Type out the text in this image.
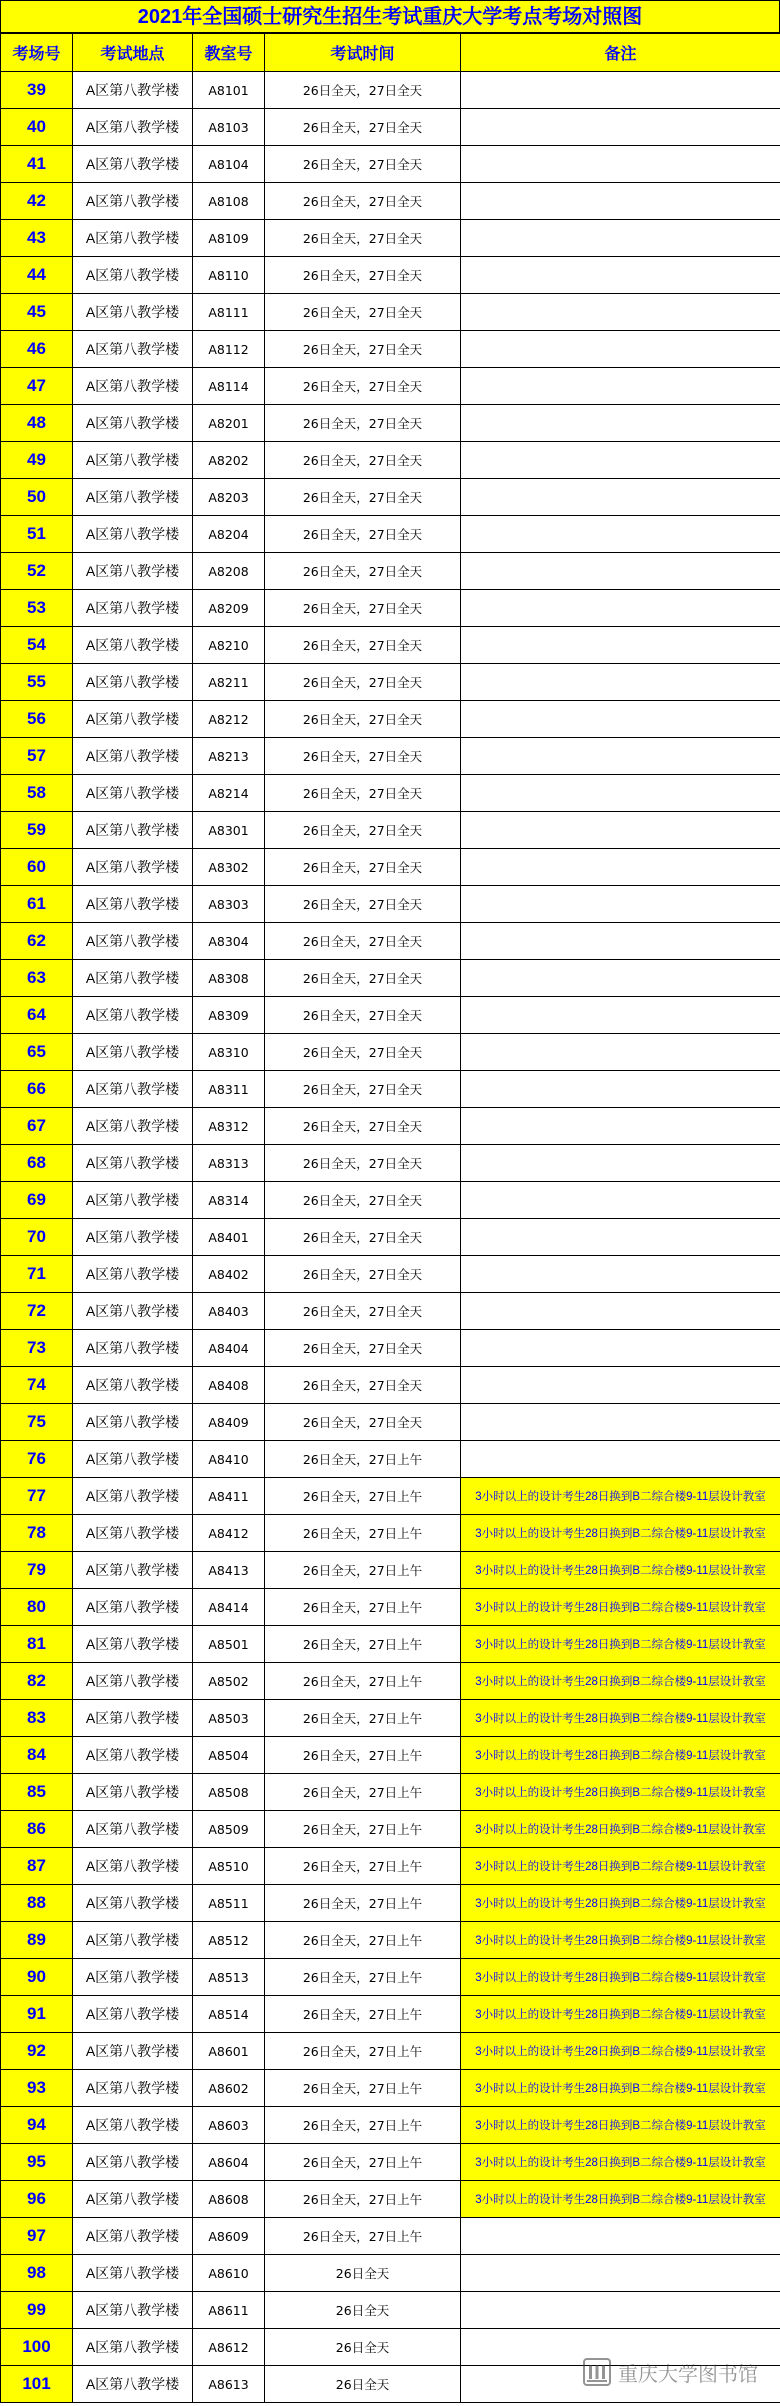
2021年全国硕士研究生招生考试重庆大学考点考场对照图
考场号	考试地点	教室号	考试时间	备注
39	A区第八教学楼	A8101	26日全天，27日全天	
40	A区第八教学楼	A8103	26日全天，27日全天	
41	A区第八教学楼	A8104	26日全天，27日全天	
42	A区第八教学楼	A8108	26日全天，27日全天	
43	A区第八教学楼	A8109	26日全天，27日全天	
44	A区第八教学楼	A8110	26日全天，27日全天	
45	A区第八教学楼	A8111	26日全天，27日全天	
46	A区第八教学楼	A8112	26日全天，27日全天	
47	A区第八教学楼	A8114	26日全天，27日全天	
48	A区第八教学楼	A8201	26日全天，27日全天	
49	A区第八教学楼	A8202	26日全天，27日全天	
50	A区第八教学楼	A8203	26日全天，27日全天	
51	A区第八教学楼	A8204	26日全天，27日全天	
52	A区第八教学楼	A8208	26日全天，27日全天	
53	A区第八教学楼	A8209	26日全天，27日全天	
54	A区第八教学楼	A8210	26日全天，27日全天	
55	A区第八教学楼	A8211	26日全天，27日全天	
56	A区第八教学楼	A8212	26日全天，27日全天	
57	A区第八教学楼	A8213	26日全天，27日全天	
58	A区第八教学楼	A8214	26日全天，27日全天	
59	A区第八教学楼	A8301	26日全天，27日全天	
60	A区第八教学楼	A8302	26日全天，27日全天	
61	A区第八教学楼	A8303	26日全天，27日全天	
62	A区第八教学楼	A8304	26日全天，27日全天	
63	A区第八教学楼	A8308	26日全天，27日全天	
64	A区第八教学楼	A8309	26日全天，27日全天	
65	A区第八教学楼	A8310	26日全天，27日全天	
66	A区第八教学楼	A8311	26日全天，27日全天	
67	A区第八教学楼	A8312	26日全天，27日全天	
68	A区第八教学楼	A8313	26日全天，27日全天	
69	A区第八教学楼	A8314	26日全天，27日全天	
70	A区第八教学楼	A8401	26日全天，27日全天	
71	A区第八教学楼	A8402	26日全天，27日全天	
72	A区第八教学楼	A8403	26日全天，27日全天	
73	A区第八教学楼	A8404	26日全天，27日全天	
74	A区第八教学楼	A8408	26日全天，27日全天	
75	A区第八教学楼	A8409	26日全天，27日全天	
76	A区第八教学楼	A8410	26日全天，27日上午	
77	A区第八教学楼	A8411	26日全天，27日上午	3小时以上的设计考生28日换到B二综合楼9-11层设计教室
78	A区第八教学楼	A8412	26日全天，27日上午	3小时以上的设计考生28日换到B二综合楼9-11层设计教室
79	A区第八教学楼	A8413	26日全天，27日上午	3小时以上的设计考生28日换到B二综合楼9-11层设计教室
80	A区第八教学楼	A8414	26日全天，27日上午	3小时以上的设计考生28日换到B二综合楼9-11层设计教室
81	A区第八教学楼	A8501	26日全天，27日上午	3小时以上的设计考生28日换到B二综合楼9-11层设计教室
82	A区第八教学楼	A8502	26日全天，27日上午	3小时以上的设计考生28日换到B二综合楼9-11层设计教室
83	A区第八教学楼	A8503	26日全天，27日上午	3小时以上的设计考生28日换到B二综合楼9-11层设计教室
84	A区第八教学楼	A8504	26日全天，27日上午	3小时以上的设计考生28日换到B二综合楼9-11层设计教室
85	A区第八教学楼	A8508	26日全天，27日上午	3小时以上的设计考生28日换到B二综合楼9-11层设计教室
86	A区第八教学楼	A8509	26日全天，27日上午	3小时以上的设计考生28日换到B二综合楼9-11层设计教室
87	A区第八教学楼	A8510	26日全天，27日上午	3小时以上的设计考生28日换到B二综合楼9-11层设计教室
88	A区第八教学楼	A8511	26日全天，27日上午	3小时以上的设计考生28日换到B二综合楼9-11层设计教室
89	A区第八教学楼	A8512	26日全天，27日上午	3小时以上的设计考生28日换到B二综合楼9-11层设计教室
90	A区第八教学楼	A8513	26日全天，27日上午	3小时以上的设计考生28日换到B二综合楼9-11层设计教室
91	A区第八教学楼	A8514	26日全天，27日上午	3小时以上的设计考生28日换到B二综合楼9-11层设计教室
92	A区第八教学楼	A8601	26日全天，27日上午	3小时以上的设计考生28日换到B二综合楼9-11层设计教室
93	A区第八教学楼	A8602	26日全天，27日上午	3小时以上的设计考生28日换到B二综合楼9-11层设计教室
94	A区第八教学楼	A8603	26日全天，27日上午	3小时以上的设计考生28日换到B二综合楼9-11层设计教室
95	A区第八教学楼	A8604	26日全天，27日上午	3小时以上的设计考生28日换到B二综合楼9-11层设计教室
96	A区第八教学楼	A8608	26日全天，27日上午	3小时以上的设计考生28日换到B二综合楼9-11层设计教室
97	A区第八教学楼	A8609	26日全天，27日上午	
98	A区第八教学楼	A8610	26日全天	
99	A区第八教学楼	A8611	26日全天	
100	A区第八教学楼	A8612	26日全天	
101	A区第八教学楼	A8613	26日全天		重庆大学图书馆
